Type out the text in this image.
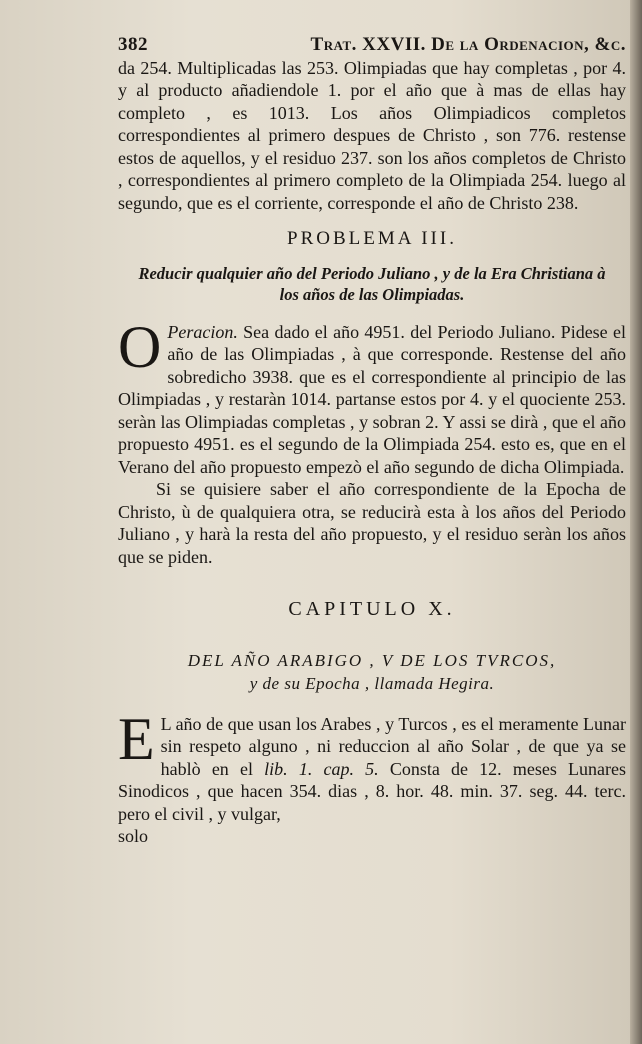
382	Trat. XXVII. De la Ordenacion, &c.

da 254. Multiplicadas las 253. Olimpiadas que hay completas , por 4. y al producto añadiendole 1. por el año que à mas de ellas hay completo , es 1013. Los años Olimpiadicos completos correspondientes al primero despues de Christo , son 776. restense estos de aquellos, y el residuo 237. son los años completos de Christo , correspondientes al primero completo de la Olimpiada 254. luego al segundo, que es el corriente, corresponde el año de Christo 238.

PROBLEMA III.
Reducir qualquier año del Periodo Juliano , y de la Era Christiana à los años de las Olimpiadas.

O Peracion. Sea dado el año 4951. del Periodo Juliano. Pidese el año de las Olimpiadas , à que corresponde. Restense del año sobredicho 3938. que es el correspondiente al principio de las Olimpiadas , y restaràn 1014. partanse estos por 4. y el quociente 253. seràn las Olimpiadas completas , y sobran 2. Y assi se dirà , que el año propuesto 4951. es el segundo de la Olimpiada 254. esto es, que en el Verano del año propuesto empezò el año segundo de dicha Olimpiada.

Si se quisiere saber el año correspondiente de la Epocha de Christo, ù de qualquiera otra, se reducirà esta à los años del Periodo Juliano , y harà la resta del año propuesto, y el residuo seràn los años que se piden.

CAPITULO X.
DEL AÑO ARABIGO , V DE LOS TVRCOS,
y de su Epocha , llamada Hegira.

E L año de que usan los Arabes , y Turcos , es el meramente Lunar sin respeto alguno , ni reduccion al año Solar , de que ya se hablò en el lib. 1. cap. 5. Consta de 12. meses Lunares Sinodicos , que hacen 354. dias , 8. hor. 48. min. 37. seg. 44. terc. pero el civil , y vulgar,

solo
